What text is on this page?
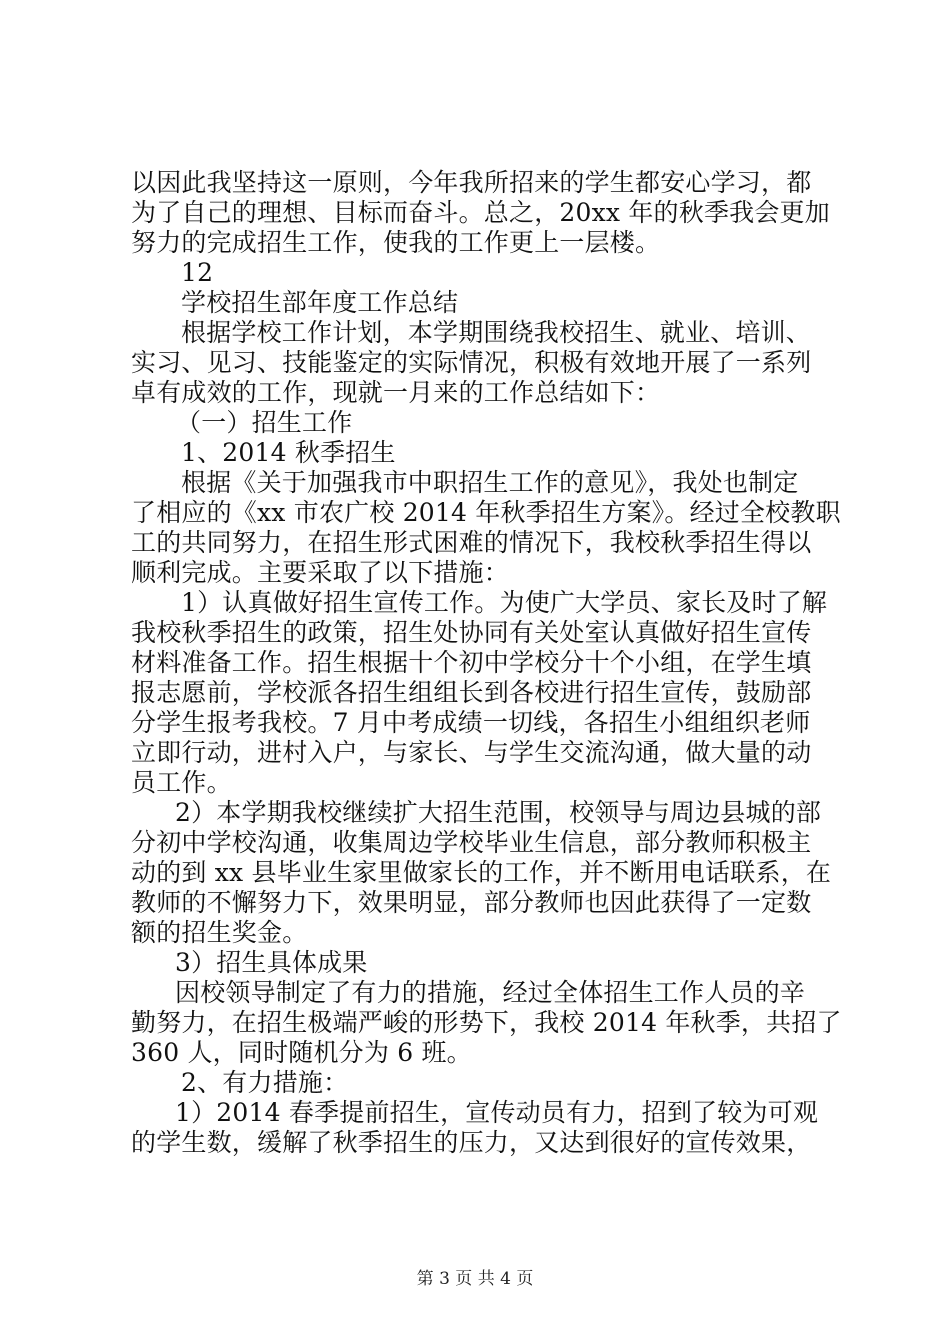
以因此我坚持这一原则，今年我所招来的学生都安心学习，都
为了自己的理想、目标而奋斗。总之，20xx 年的秋季我会更加
努力的完成招生工作，使我的工作更上一层楼。
12
学校招生部年度工作总结
根据学校工作计划，本学期围绕我校招生、就业、培训、
实习、见习、技能鉴定的实际情况，积极有效地开展了一系列
卓有成效的工作，现就一月来的工作总结如下：
（一）招生工作
1、2014 秋季招生
根据《关于加强我市中职招生工作的意见》，我处也制定
了相应的《xx 市农广校 2014 年秋季招生方案》。经过全校教职
工的共同努力，在招生形式困难的情况下，我校秋季招生得以
顺利完成。主要采取了以下措施：
1）认真做好招生宣传工作。为使广大学员、家长及时了解
我校秋季招生的政策，招生处协同有关处室认真做好招生宣传
材料准备工作。招生根据十个初中学校分十个小组，在学生填
报志愿前，学校派各招生组组长到各校进行招生宣传，鼓励部
分学生报考我校。7 月中考成绩一切线，各招生小组组织老师
立即行动，进村入户，与家长、与学生交流沟通，做大量的动
员工作。
2）本学期我校继续扩大招生范围，校领导与周边县城的部
分初中学校沟通，收集周边学校毕业生信息，部分教师积极主
动的到 xx 县毕业生家里做家长的工作，并不断用电话联系，在
教师的不懈努力下，效果明显，部分教师也因此获得了一定数
额的招生奖金。
3）招生具体成果
因校领导制定了有力的措施，经过全体招生工作人员的辛
勤努力，在招生极端严峻的形势下，我校 2014 年秋季，共招了
360 人，同时随机分为 6 班。
2、有力措施：
1）2014 春季提前招生，宣传动员有力，招到了较为可观
的学生数，缓解了秋季招生的压力，又达到很好的宣传效果，
第 3 页 共 4 页
